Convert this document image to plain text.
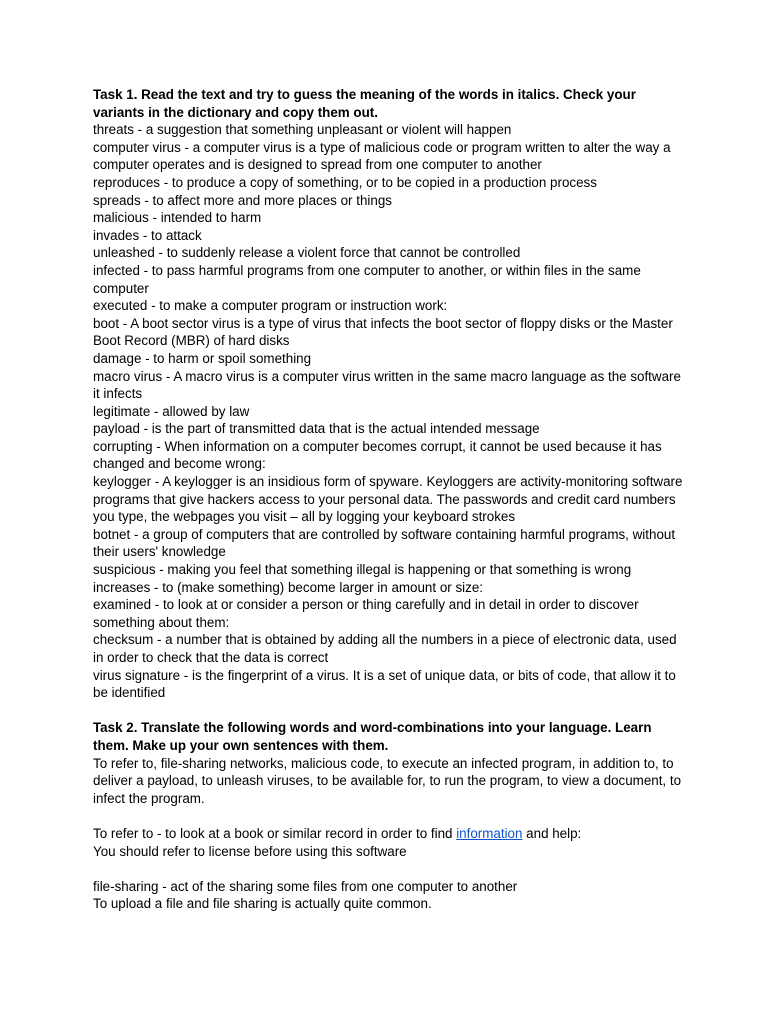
Task 1. Read the text and try to guess the meaning of the words in italics. Check your variants in the dictionary and copy them out.

threats - a suggestion that something unpleasant or violent will happen

computer virus - a computer virus is a type of malicious code or program written to alter the way a computer operates and is designed to spread from one computer to another

reproduces - to produce a copy of something, or to be copied in a production process

spreads - to affect more and more places or things

malicious - intended to harm

invades - to attack

unleashed - to suddenly release a violent force that cannot be controlled

infected - to pass harmful programs from one computer to another, or within files in the same computer

executed - to make a computer program or instruction work:

boot - A boot sector virus is a type of virus that infects the boot sector of floppy disks or the Master Boot Record (MBR) of hard disks

damage - to harm or spoil something

macro virus - A macro virus is a computer virus written in the same macro language as the software it infects

legitimate - allowed by law

payload - is the part of transmitted data that is the actual intended message

corrupting - When information on a computer becomes corrupt, it cannot be used because it has changed and become wrong:

keylogger - A keylogger is an insidious form of spyware. Keyloggers are activity-monitoring software programs that give hackers access to your personal data. The passwords and credit card numbers you type, the webpages you visit – all by logging your keyboard strokes

botnet - a group of computers that are controlled by software containing harmful programs, without their users' knowledge

suspicious - making you feel that something illegal is happening or that something is wrong

increases - to (make something) become larger in amount or size:

examined - to look at or consider a person or thing carefully and in detail in order to discover something about them:

checksum - a number that is obtained by adding all the numbers in a piece of electronic data, used in order to check that the data is correct

virus signature - is the fingerprint of a virus. It is a set of unique data, or bits of code, that allow it to be identified

Task 2. Translate the following words and word-combinations into your language. Learn them. Make up your own sentences with them.

To refer to, file-sharing networks, malicious code, to execute an infected program, in addition to, to deliver a payload, to unleash viruses, to be available for, to run the program, to view a document, to infect the program.

To refer to - to look at a book or similar record in order to find information and help:

You should refer to license before using this software

file-sharing - act of the sharing some files from one computer to another

To upload a file and file sharing is actually quite common.
